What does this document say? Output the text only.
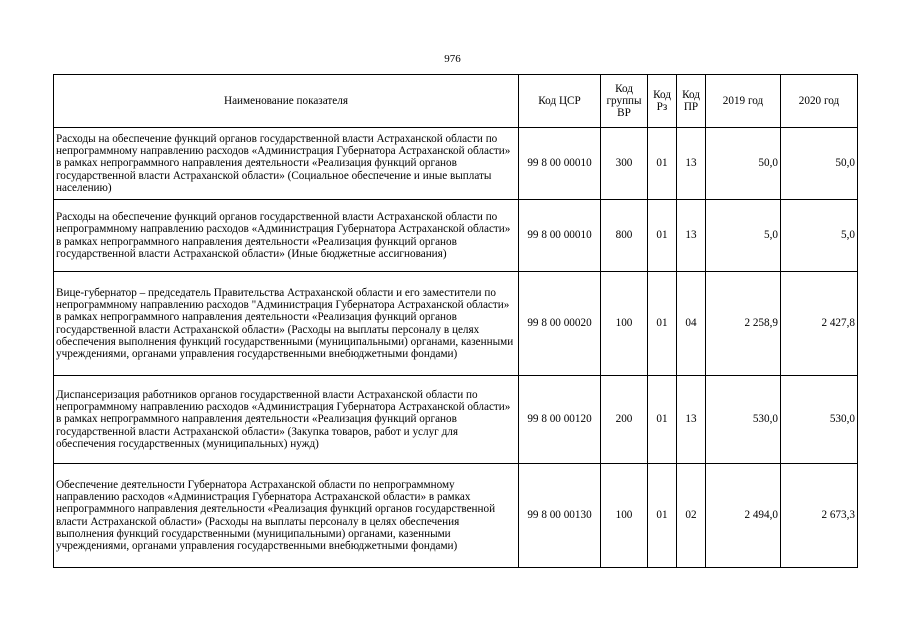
976
Наименование показателя	Код ЦСР	Код группы ВР	Код Рз	Код ПР	2019 год	2020 год
Расходы на обеспечение функций органов государственной власти Астраханской области по непрограммному направлению расходов «Администрация Губернатора Астраханской области» в рамках непрограммного направления деятельности «Реализация функций органов государственной власти Астраханской области» (Социальное обеспечение и иные выплаты населению)	99 8 00 00010	300	01	13	50,0	50,0
Расходы на обеспечение функций органов государственной власти Астраханской области по непрограммному направлению расходов «Администрация Губернатора Астраханской области» в рамках непрограммного направления деятельности «Реализация функций органов государственной власти Астраханской области» (Иные бюджетные ассигнования)	99 8 00 00010	800	01	13	5,0	5,0
Вице-губернатор – председатель Правительства Астраханской области и его заместители по непрограммному направлению расходов "Администрация Губернатора Астраханской области» в рамках непрограммного направления деятельности «Реализация функций органов государственной власти Астраханской области» (Расходы на выплаты персоналу в целях обеспечения выполнения функций государственными (муниципальными) органами, казенными учреждениями, органами управления государственными внебюджетными фондами)	99 8 00 00020	100	01	04	2 258,9	2 427,8
Диспансеризация работников органов государственной власти Астраханской области по непрограммному направлению расходов «Администрация Губернатора Астраханской области» в рамках непрограммного направления деятельности «Реализация функций органов государственной власти Астраханской области» (Закупка товаров, работ и услуг для обеспечения государственных (муниципальных) нужд)	99 8 00 00120	200	01	13	530,0	530,0
Обеспечение деятельности Губернатора Астраханской области по непрограммному направлению расходов «Администрация Губернатора Астраханской области» в рамках непрограммного направления деятельности «Реализация функций органов государственной власти Астраханской области» (Расходы на выплаты персоналу в целях обеспечения выполнения функций государственными (муниципальными) органами, казенными учреждениями, органами управления государственными внебюджетными фондами)	99 8 00 00130	100	01	02	2 494,0	2 673,3
